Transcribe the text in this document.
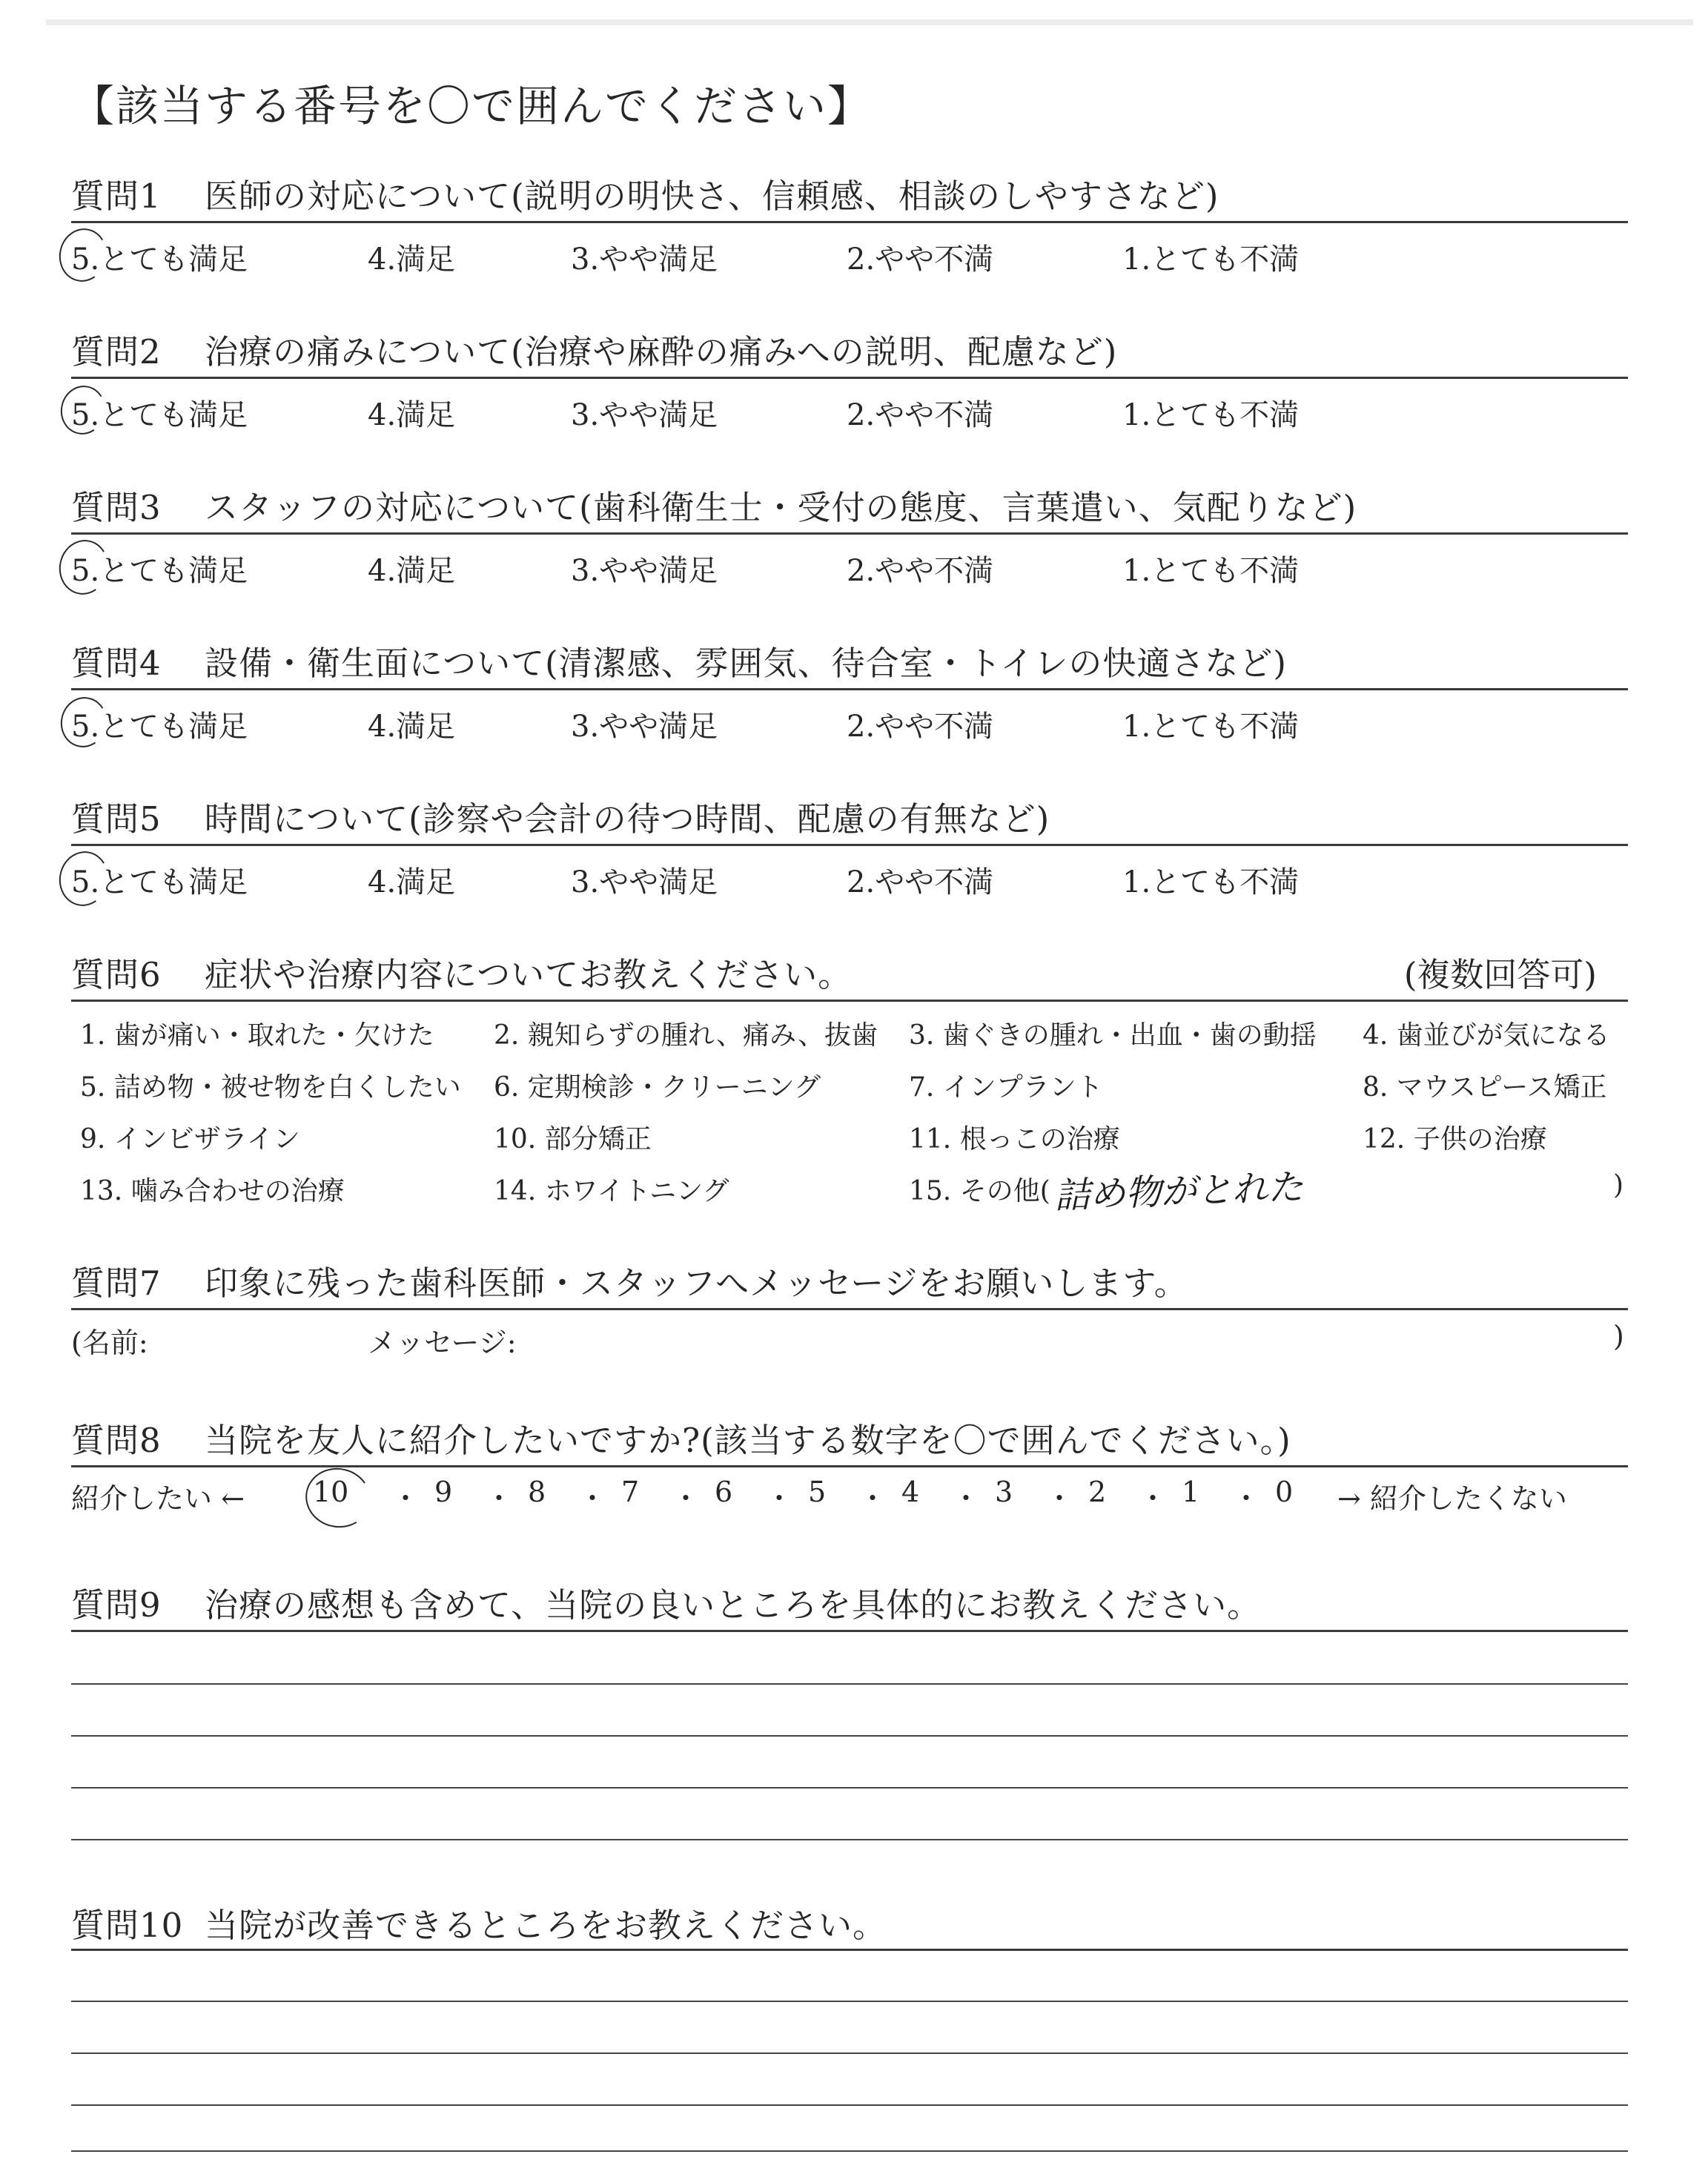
【該当する番号を〇で囲んでください】
質問1 医師の対応について(説明の明快さ、信頼感、相談のしやすさなど)
5.とても満足	4.満足	3.やや満足	2.やや不満	1.とても不満
質問2 治療の痛みについて(治療や麻酔の痛みへの説明、配慮など)
5.とても満足	4.満足	3.やや満足	2.やや不満	1.とても不満
質問3 スタッフの対応について(歯科衛生士・受付の態度、言葉遣い、気配りなど)
5.とても満足	4.満足	3.やや満足	2.やや不満	1.とても不満
質問4 設備・衛生面について(清潔感、雰囲気、待合室・トイレの快適さなど)
5.とても満足	4.満足	3.やや満足	2.やや不満	1.とても不満
質問5 時間について(診察や会計の待つ時間、配慮の有無など)
5.とても満足	4.満足	3.やや満足	2.やや不満	1.とても不満
質問6 症状や治療内容についてお教えください。	(複数回答可)
1. 歯が痛い・取れた・欠けた 2. 親知らずの腫れ、痛み、抜歯 3. 歯ぐきの腫れ・出血・歯の動揺 4. 歯並びが気になる
5. 詰め物・被せ物を白くしたい 6. 定期検診・クリーニング	7. インプラント	8. マウスピース矯正
9. インビザライン	10. 部分矯正	11. 根っこの治療	12. 子供の治療
13. 噛み合わせの治療	14. ホワイトニング	15. その他( 詰め物がとれた	)
質問7 印象に残った歯科医師・スタッフへメッセージをお願いします。
(名前:	メッセージ:	)
質問8 当院を友人に紹介したいですか?(該当する数字を〇で囲んでください。)
紹介したい ← 10 ・ 9 ・ 8 ・ 7 ・ 6 ・ 5 ・ 4 ・ 3 ・ 2 ・ 1 ・ 0 → 紹介したくない
質問9 治療の感想も含めて、当院の良いところを具体的にお教えください。
質問10 当院が改善できるところをお教えください。
